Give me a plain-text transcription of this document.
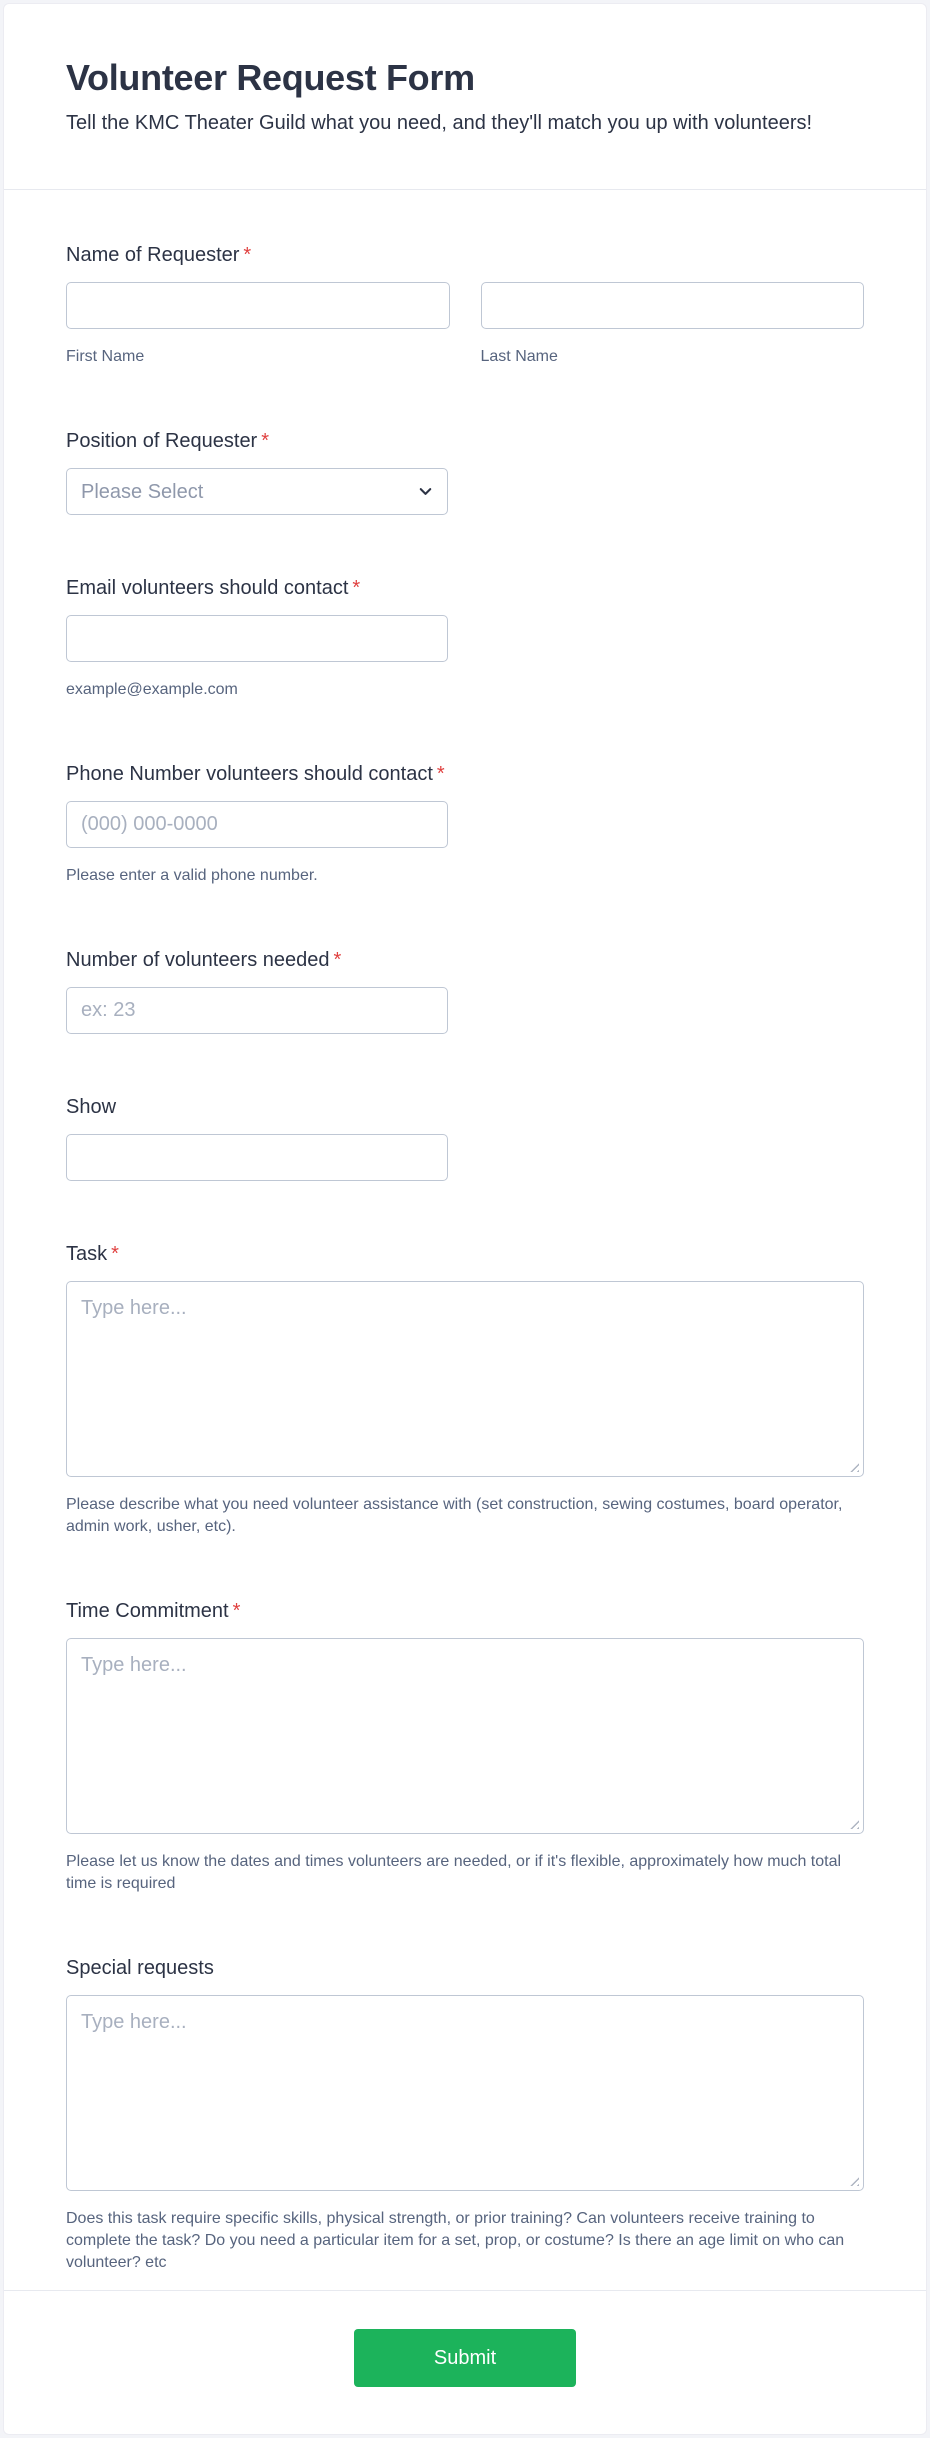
Volunteer Request Form
Tell the KMC Theater Guild what you need, and they'll match you up with volunteers!
Name of Requester *
First Name	Last Name
Position of Requester *
Please Select
Email volunteers should contact *
example@example.com
Phone Number volunteers should contact *
(000) 000-0000
Please enter a valid phone number.
Number of volunteers needed *
ex: 23
Show
Task *
Type here...
Please describe what you need volunteer assistance with (set construction, sewing costumes, board operator, admin work, usher, etc).
Time Commitment *
Type here...
Please let us know the dates and times volunteers are needed, or if it's flexible, approximately how much total time is required
Special requests
Type here...
Does this task require specific skills, physical strength, or prior training? Can volunteers receive training to complete the task? Do you need a particular item for a set, prop, or costume? Is there an age limit on who can volunteer? etc
Submit
